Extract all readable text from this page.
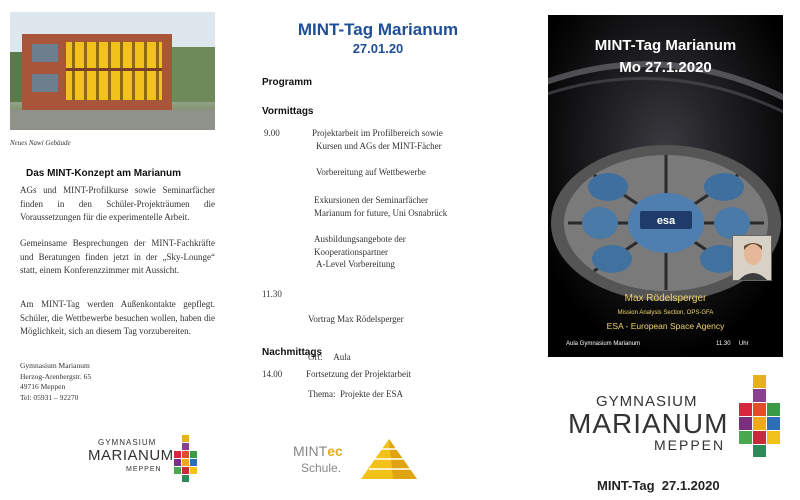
Neues Nawi Gebäude
Das MINT-Konzept am Marianum

AGs und MINT-Profilkurse sowie Seminarfächer finden in den Schüler-Projekträumen die Voraussetzungen für die experimentelle Arbeit.

Gemeinsame Besprechungen der MINT-Fachkräfte und Beratungen finden jetzt in der „Sky-Lounge“ statt, einem Konferenzzimmer mit Aussicht.

Am MINT-Tag werden Außenkontakte gepflegt. Schüler, die Wettbewerbe besuchen wollen, haben die Möglichkeit, sich an diesem Tag vorzubereiten.

Gymnasium Marianum
Herzog-Arenbergstr. 65
49716 Meppen
Tel: 05931 – 92270
GYMNASIUM
MARIANUM
MEPPEN
MINTec
Schule.
MINT-Tag Marianum
27.01.20
Programm
Vormittags
9.00	Projektarbeit im Profilbereich sowie
Kursen und AGs der MINT-Fächer
Vorbereitung auf Wettbewerbe
Exkursionen der Seminarfächer
Marianum for future, Uni Osnabrück
Ausbildungsangebote der
Kooperationspartner
A-Level Vorbereitung
11.30

Vortrag Max Rödelsperger

Ort:     Aula

Thema:  Projekte der ESA

Nachmittags
14.00	Fortsetzung der Projektarbeit
esa
MINT-Tag Marianum
Mo 27.1.2020
Max Rödelsperger
Mission Analysis Section, OPS-GFA
ESA - European Space Agency
Aula Gymnasium Marianum	11.30     Uhr
GYMNASIUM
MARIANUM
MEPPEN
MINT-Tag  27.1.2020
